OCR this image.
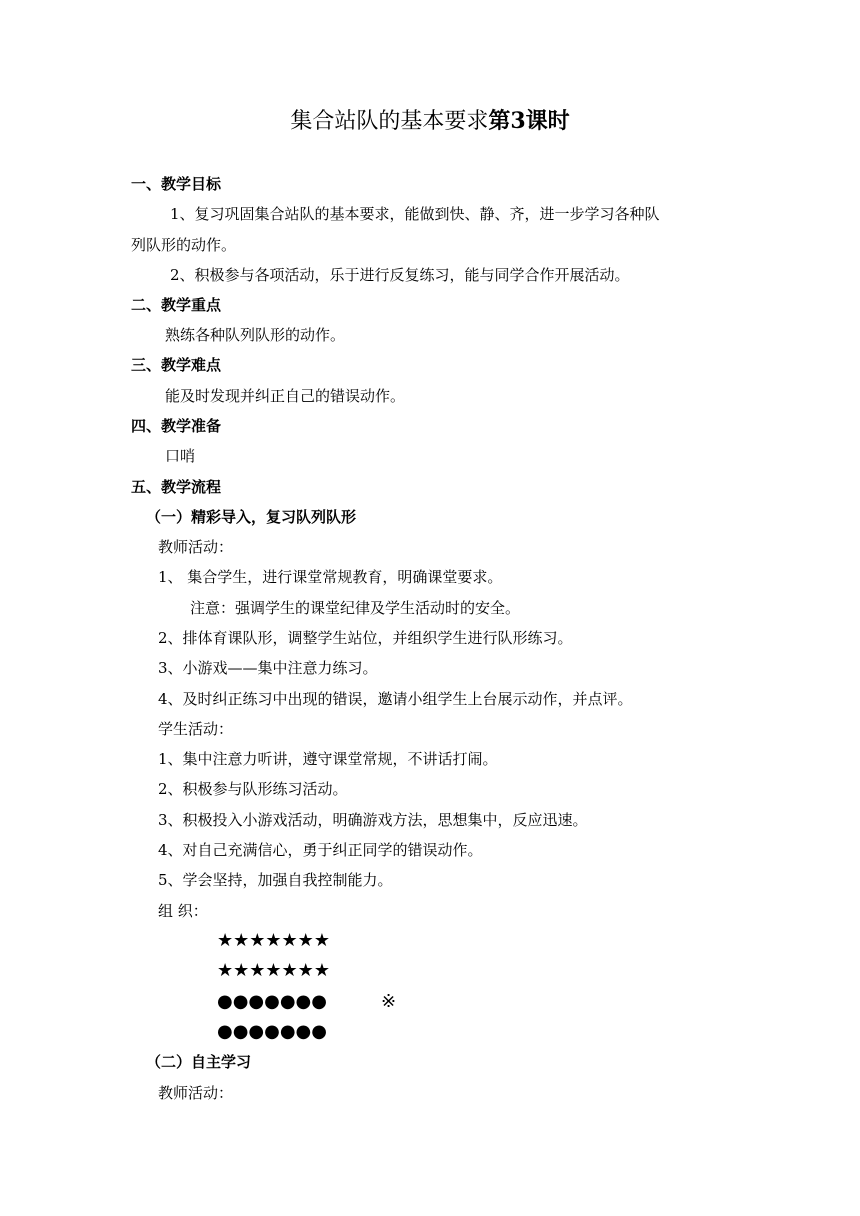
集合站队的基本要求第3课时
一、教学目标
1、复习巩固集合站队的基本要求，能做到快、静、齐，进一步学习各种队
列队形的动作。
2、积极参与各项活动，乐于进行反复练习，能与同学合作开展活动。
二、教学重点
熟练各种队列队形的动作。
三、教学难点
能及时发现并纠正自己的错误动作。
四、教学准备
口哨
五、教学流程
（一）精彩导入，复习队列队形
教师活动：
1、 集合学生，进行课堂常规教育，明确课堂要求。
注意：强调学生的课堂纪律及学生活动时的安全。
2、排体育课队形，调整学生站位，并组织学生进行队形练习。
3、小游戏——集中注意力练习。
4、及时纠正练习中出现的错误，邀请小组学生上台展示动作，并点评。
学生活动：
1、集中注意力听讲，遵守课堂常规，不讲话打闹。
2、积极参与队形练习活动。
3、积极投入小游戏活动，明确游戏方法，思想集中，反应迅速。
4、对自己充满信心，勇于纠正同学的错误动作。
5、学会坚持，加强自我控制能力。
组 织：
★★★★★★★
★★★★★★★
●●●●●●●	※
●●●●●●●
（二）自主学习
教师活动：
